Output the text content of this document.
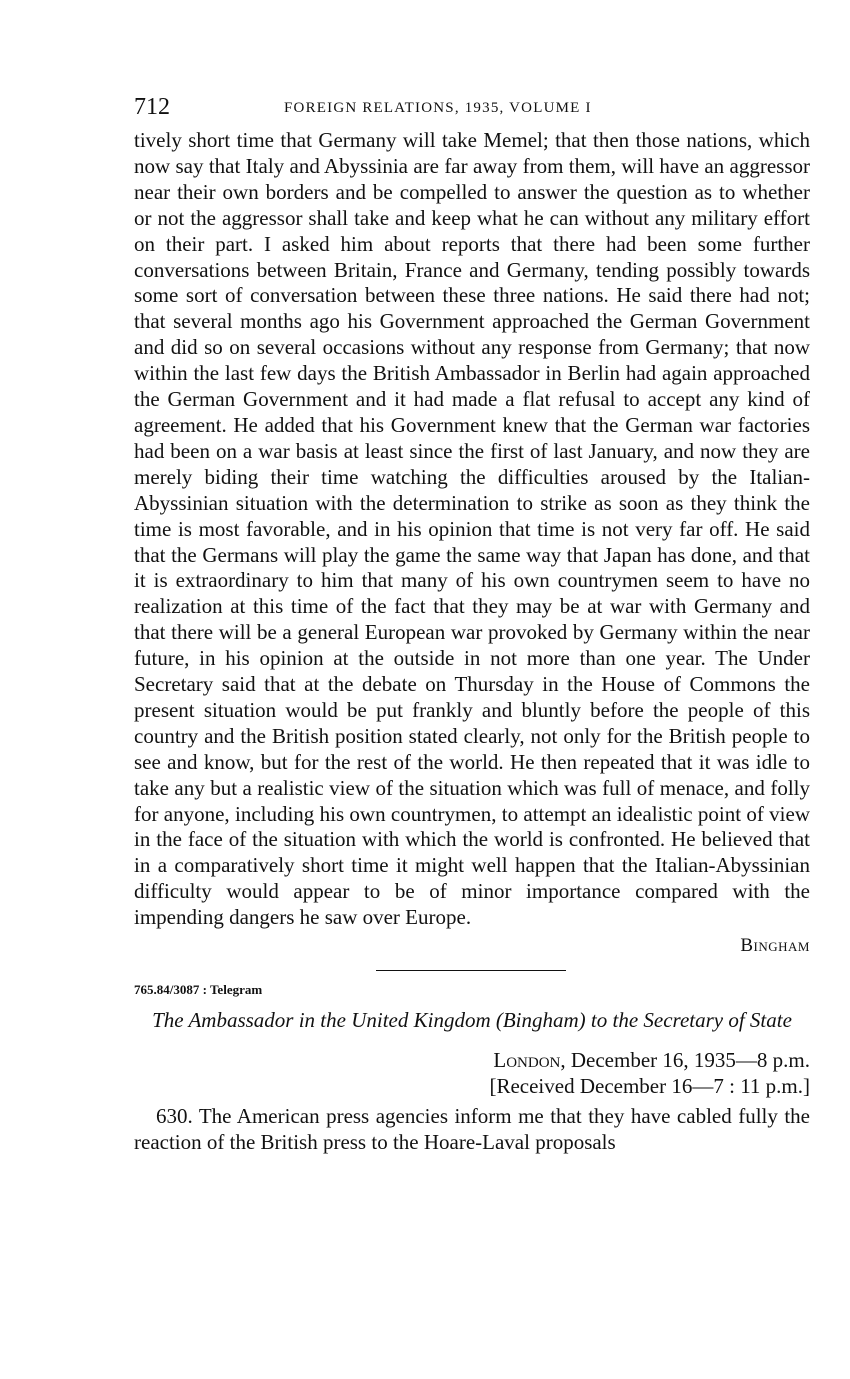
712	FOREIGN RELATIONS, 1935, VOLUME I

tively short time that Germany will take Memel; that then those nations, which now say that Italy and Abyssinia are far away from them, will have an aggressor near their own borders and be compelled to answer the question as to whether or not the aggressor shall take and keep what he can without any military effort on their part. I asked him about reports that there had been some further conversations between Britain, France and Germany, tending possibly towards some sort of conversation between these three nations. He said there had not; that several months ago his Government approached the German Government and did so on several occasions without any response from Germany; that now within the last few days the British Ambassador in Berlin had again approached the German Government and it had made a flat refusal to accept any kind of agreement. He added that his Government knew that the German war factories had been on a war basis at least since the first of last January, and now they are merely biding their time watching the difficulties aroused by the Italian-Abyssinian situation with the determination to strike as soon as they think the time is most favorable, and in his opinion that time is not very far off. He said that the Germans will play the game the same way that Japan has done, and that it is extraordinary to him that many of his own countrymen seem to have no realization at this time of the fact that they may be at war with Germany and that there will be a general European war provoked by Germany within the near future, in his opinion at the outside in not more than one year. The Under Secretary said that at the debate on Thursday in the House of Commons the present situation would be put frankly and bluntly before the people of this country and the British position stated clearly, not only for the British people to see and know, but for the rest of the world. He then repeated that it was idle to take any but a realistic view of the situation which was full of menace, and folly for anyone, including his own countrymen, to attempt an idealistic point of view in the face of the situation with which the world is confronted. He believed that in a comparatively short time it might well happen that the Italian-Abyssinian difficulty would appear to be of minor importance compared with the impending dangers he saw over Europe.

Bingham
765.84/3087 : Telegram
The Ambassador in the United Kingdom (Bingham) to the Secretary of State
London, December 16, 1935—8 p.m.
[Received December 16—7 : 11 p.m.]

630. The American press agencies inform me that they have cabled fully the reaction of the British press to the Hoare-Laval proposals
